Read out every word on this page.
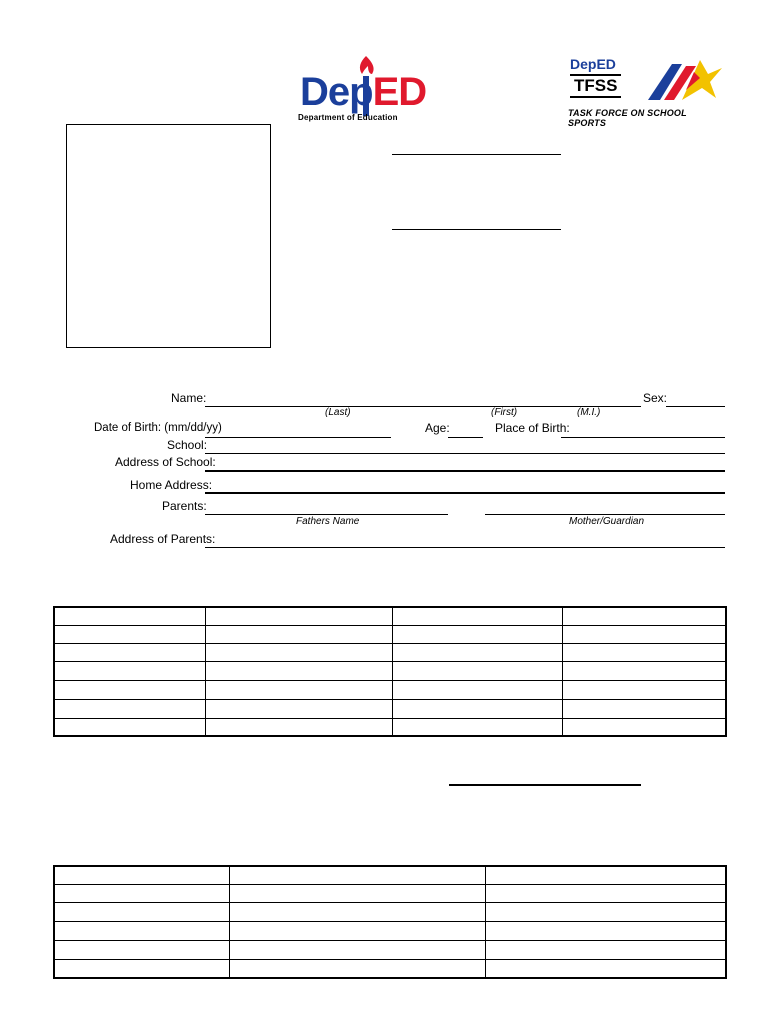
DepED
Department of Education
DepED
TFSS
TASK FORCE ON SCHOOL SPORTS
Name:	Sex:
(Last)	(First)	(M.I.)
Date of Birth: (mm/dd/yy)	Age:	Place of Birth:
School:
Address of School:
Home Address:
Parents:
Fathers Name	Mother/Guardian
Address of Parents:
